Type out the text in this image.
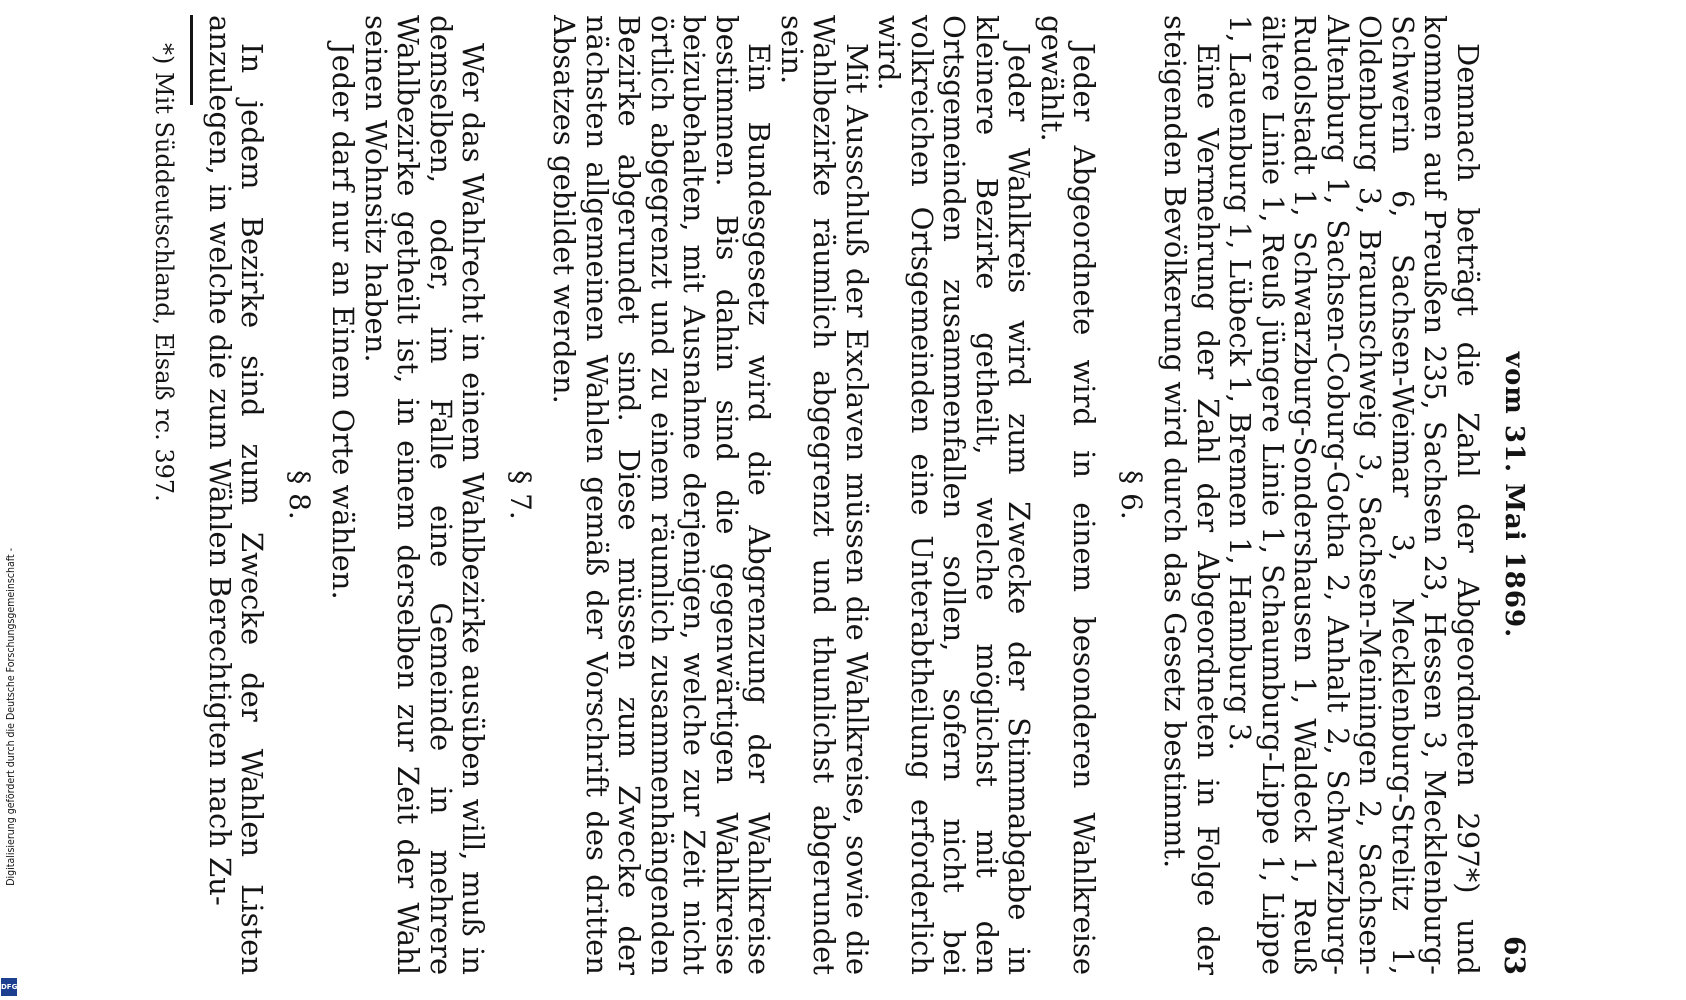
Digitalisierung gefördert durch die Deutsche Forschungsgemeinschaft -
DFG
vom 31. Mai 1869.
63

Demnach beträgt die Zahl der Abgeordneten 297*) und kommen auf Preußen 235, Sachsen 23, Hessen 3, Mecklenburg-Schwerin 6, Sachsen-Weimar 3, Mecklenburg-Strelitz 1, Oldenburg 3, Braunschweig 3, Sachsen-Meiningen 2, Sachsen-Altenburg 1, Sachsen-Coburg-Gotha 2, Anhalt 2, Schwarzburg-Rudolstadt 1, Schwarzburg-Sondershausen 1, Waldeck 1, Reuß ältere Linie 1, Reuß jüngere Linie 1, Schaumburg-Lippe 1, Lippe 1, Lauenburg 1, Lübeck 1, Bremen 1, Hamburg 3.

Eine Vermehrung der Zahl der Abgeordneten in Folge der steigenden Bevölkerung wird durch das Gesetz bestimmt.

§ 6.

Jeder Abgeordnete wird in einem besonderen Wahlkreise gewählt.

Jeder Wahlkreis wird zum Zwecke der Stimmabgabe in kleinere Bezirke getheilt, welche möglichst mit den Ortsgemeinden zusammenfallen sollen, sofern nicht bei volkreichen Ortsgemeinden eine Unterabtheilung erforderlich wird.

Mit Ausschluß der Exclaven müssen die Wahlkreise, sowie die Wahlbezirke räumlich abgegrenzt und thunlichst abgerundet sein.

Ein Bundesgesetz wird die Abgrenzung der Wahlkreise bestimmen. Bis dahin sind die gegenwärtigen Wahlkreise beizubehalten, mit Ausnahme derjenigen, welche zur Zeit nicht örtlich abgegrenzt und zu einem räumlich zusammenhängenden Bezirke abgerundet sind. Diese müssen zum Zwecke der nächsten allgemeinen Wahlen gemäß der Vorschrift des dritten Absatzes gebildet werden.

§ 7.

Wer das Wahlrecht in einem Wahlbezirke ausüben will, muß in demselben, oder, im Falle eine Gemeinde in mehrere Wahlbezirke getheilt ist, in einem derselben zur Zeit der Wahl seinen Wohnsitz haben.

Jeder darf nur an Einem Orte wählen.

§ 8.

In jedem Bezirke sind zum Zwecke der Wahlen Listen anzulegen, in welche die zum Wählen Berechtigten nach Zu-

*) Mit Süddeutschland, Elsaß rc. 397.
